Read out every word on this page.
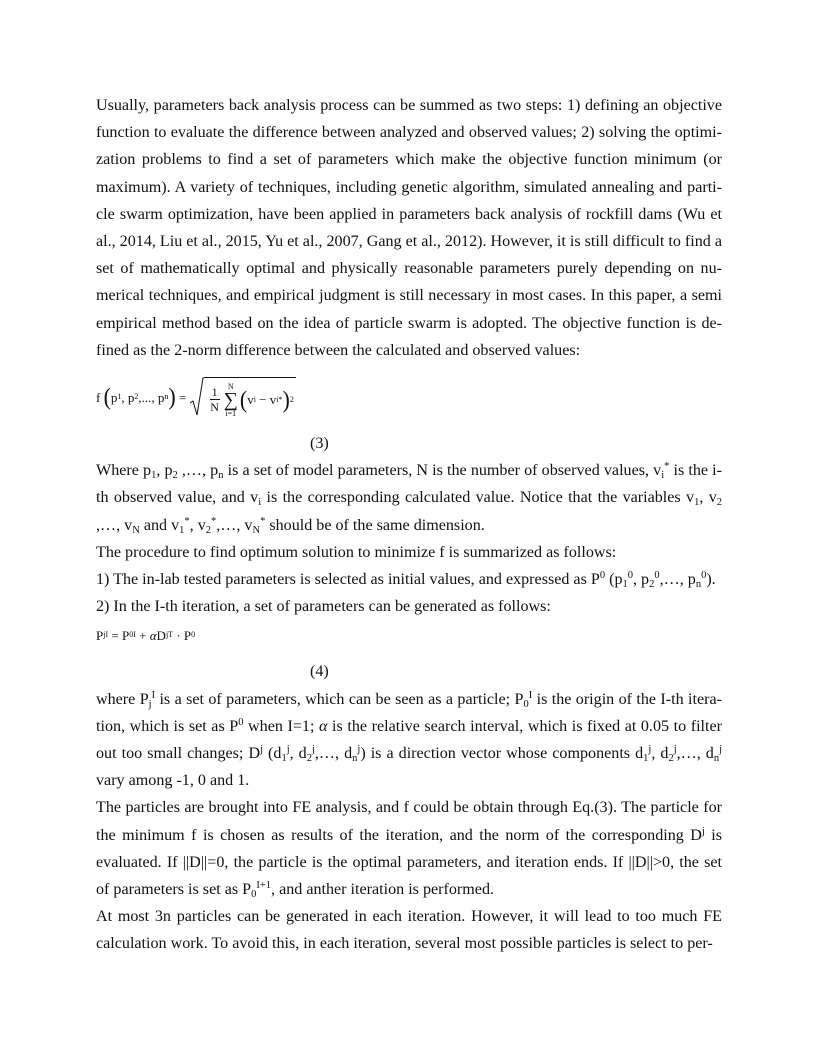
Usually, parameters back analysis process can be summed as two steps: 1) defining an objective function to evaluate the difference between analyzed and observed values; 2) solving the optimization problems to find a set of parameters which make the objective function minimum (or maximum). A variety of techniques, including genetic algorithm, simulated annealing and particle swarm optimization, have been applied in parameters back analysis of rockfill dams (Wu et al., 2014, Liu et al., 2015, Yu et al., 2007, Gang et al., 2012). However, it is still difficult to find a set of mathematically optimal and physically reasonable parameters purely depending on numerical techniques, and empirical judgment is still necessary in most cases. In this paper, a semi empirical method based on the idea of particle swarm is adopted. The objective function is defined as the 2-norm difference between the calculated and observed values:

f
( p 1 , p 2 ,..., p n ) = $\frac{1}{N}$ N
∑
i=1
( v i − v i * ) 2
(3)

Where $p_1$, $p_2$ ,…, $p_n$ is a set of model parameters, N is the number of observed values, $v_i^*$ is the i-th observed value, and $v_i$ is the corresponding calculated value. Notice that the variables $v_1$, $v_2$ ,…, $v_N$ and $v_1^*$, $v_2^*,\dots$, $v_N^*$ should be of the same dimension.

The procedure to find optimum solution to minimize f is summarized as follows:

1) The in-lab tested parameters is selected as initial values, and expressed as $P^0$ ($p_1^0$, $p_2^0,\dots$, $p_n^0$).

2) In the I-th iteration, a set of parameters can be generated as follows:

P j I = P 0 I + α D j T · P 0
(4)

where $P_j^I$ is a set of parameters, which can be seen as a particle; $P_0^I$ is the origin of the I-th iteration, which is set as $P^0$ when I=1; α is the relative search interval, which is fixed at 0.05 to filter out too small changes; $D^j$ ($d_1^j$, $d_2^j,\dots$, $d_n^j$) is a direction vector whose components $d_1^j$, $d_2^j,\dots$, $d_n^j$ vary among -1, 0 and 1.

The particles are brought into FE analysis, and f could be obtain through Eq.(3). The particle for the minimum f is chosen as results of the iteration, and the norm of the corresponding $D^j$ is evaluated. If ||D||=0, the particle is the optimal parameters, and iteration ends. If ||D||>0, the set of parameters is set as $P_0^{I+1}$, and anther iteration is performed.

At most 3n particles can be generated in each iteration. However, it will lead to too much FE calculation work. To avoid this, in each iteration, several most possible particles is select to per-
